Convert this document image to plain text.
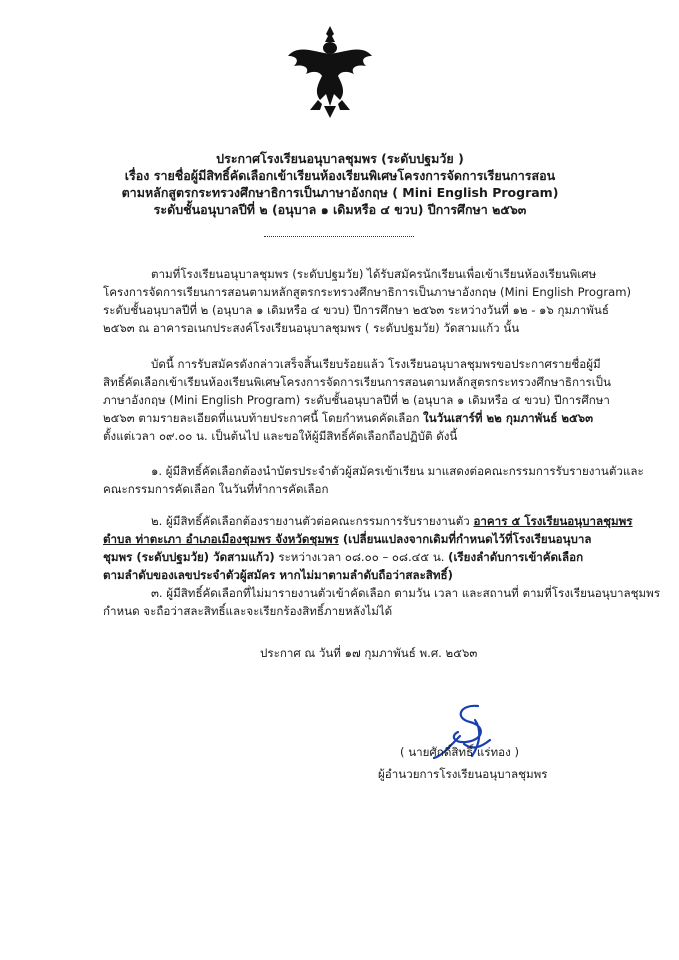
ประกาศโรงเรียนอนุบาลชุมพร (ระดับปฐมวัย )
เรื่อง รายชื่อผู้มีสิทธิ์คัดเลือกเข้าเรียนห้องเรียนพิเศษโครงการจัดการเรียนการสอน
ตามหลักสูตรกระทรวงศึกษาธิการเป็นภาษาอังกฤษ ( Mini English Program)
ระดับชั้นอนุบาลปีที่ ๒ (อนุบาล ๑ เดิมหรือ ๔ ขวบ) ปีการศึกษา ๒๕๖๓
ตามที่โรงเรียนอนุบาลชุมพร (ระดับปฐมวัย) ได้รับสมัครนักเรียนเพื่อเข้าเรียนห้องเรียนพิเศษ
โครงการจัดการเรียนการสอนตามหลักสูตรกระทรวงศึกษาธิการเป็นภาษาอังกฤษ (Mini English Program)
ระดับชั้นอนุบาลปีที่ ๒ (อนุบาล ๑ เดิมหรือ ๔ ขวบ) ปีการศึกษา ๒๕๖๓ ระหว่างวันที่ ๑๒ - ๑๖ กุมภาพันธ์
๒๕๖๓ ณ อาคารอเนกประสงค์โรงเรียนอนุบาลชุมพร ( ระดับปฐมวัย) วัดสามแก้ว นั้น
บัดนี้ การรับสมัครดังกล่าวเสร็จสิ้นเรียบร้อยแล้ว โรงเรียนอนุบาลชุมพรขอประกาศรายชื่อผู้มี
สิทธิ์คัดเลือกเข้าเรียนห้องเรียนพิเศษโครงการจัดการเรียนการสอนตามหลักสูตรกระทรวงศึกษาธิการเป็น
ภาษาอังกฤษ (Mini English Program) ระดับชั้นอนุบาลปีที่ ๒ (อนุบาล ๑ เดิมหรือ ๔ ขวบ) ปีการศึกษา
๒๕๖๓ ตามรายละเอียดที่แนบท้ายประกาศนี้ โดยกำหนดคัดเลือก ในวันเสาร์ที่ ๒๒ กุมภาพันธ์ ๒๕๖๓
ตั้งแต่เวลา ๐๙.๐๐ น. เป็นต้นไป และขอให้ผู้มีสิทธิ์คัดเลือกถือปฏิบัติ ดังนี้
๑. ผู้มีสิทธิ์คัดเลือกต้องนำบัตรประจำตัวผู้สมัครเข้าเรียน มาแสดงต่อคณะกรรมการรับรายงานตัวและ
คณะกรรมการคัดเลือก ในวันที่ทำการคัดเลือก
๒. ผู้มีสิทธิ์คัดเลือกต้องรายงานตัวต่อคณะกรรมการรับรายงานตัว อาคาร ๕ โรงเรียนอนุบาลชุมพร
ตำบล ท่าตะเภา อำเภอเมืองชุมพร จังหวัดชุมพร (เปลี่ยนแปลงจากเดิมที่กำหนดไว้ที่โรงเรียนอนุบาล
ชุมพร (ระดับปฐมวัย) วัดสามแก้ว) ระหว่างเวลา ๐๘.๐๐ – ๐๘.๔๕ น. (เรียงลำดับการเข้าคัดเลือก
ตามลำดับของเลขประจำตัวผู้สมัคร หากไม่มาตามลำดับถือว่าสละสิทธิ์)
๓. ผู้มีสิทธิ์คัดเลือกที่ไม่มารายงานตัวเข้าคัดเลือก ตามวัน เวลา และสถานที่ ตามที่โรงเรียนอนุบาลชุมพร
กำหนด จะถือว่าสละสิทธิ์และจะเรียกร้องสิทธิ์ภายหลังไม่ได้
ประกาศ ณ วันที่ ๑๗ กุมภาพันธ์ พ.ศ. ๒๕๖๓
( นายศักดิ์สิทธิ์ แร่ทอง )
ผู้อำนวยการโรงเรียนอนุบาลชุมพร
